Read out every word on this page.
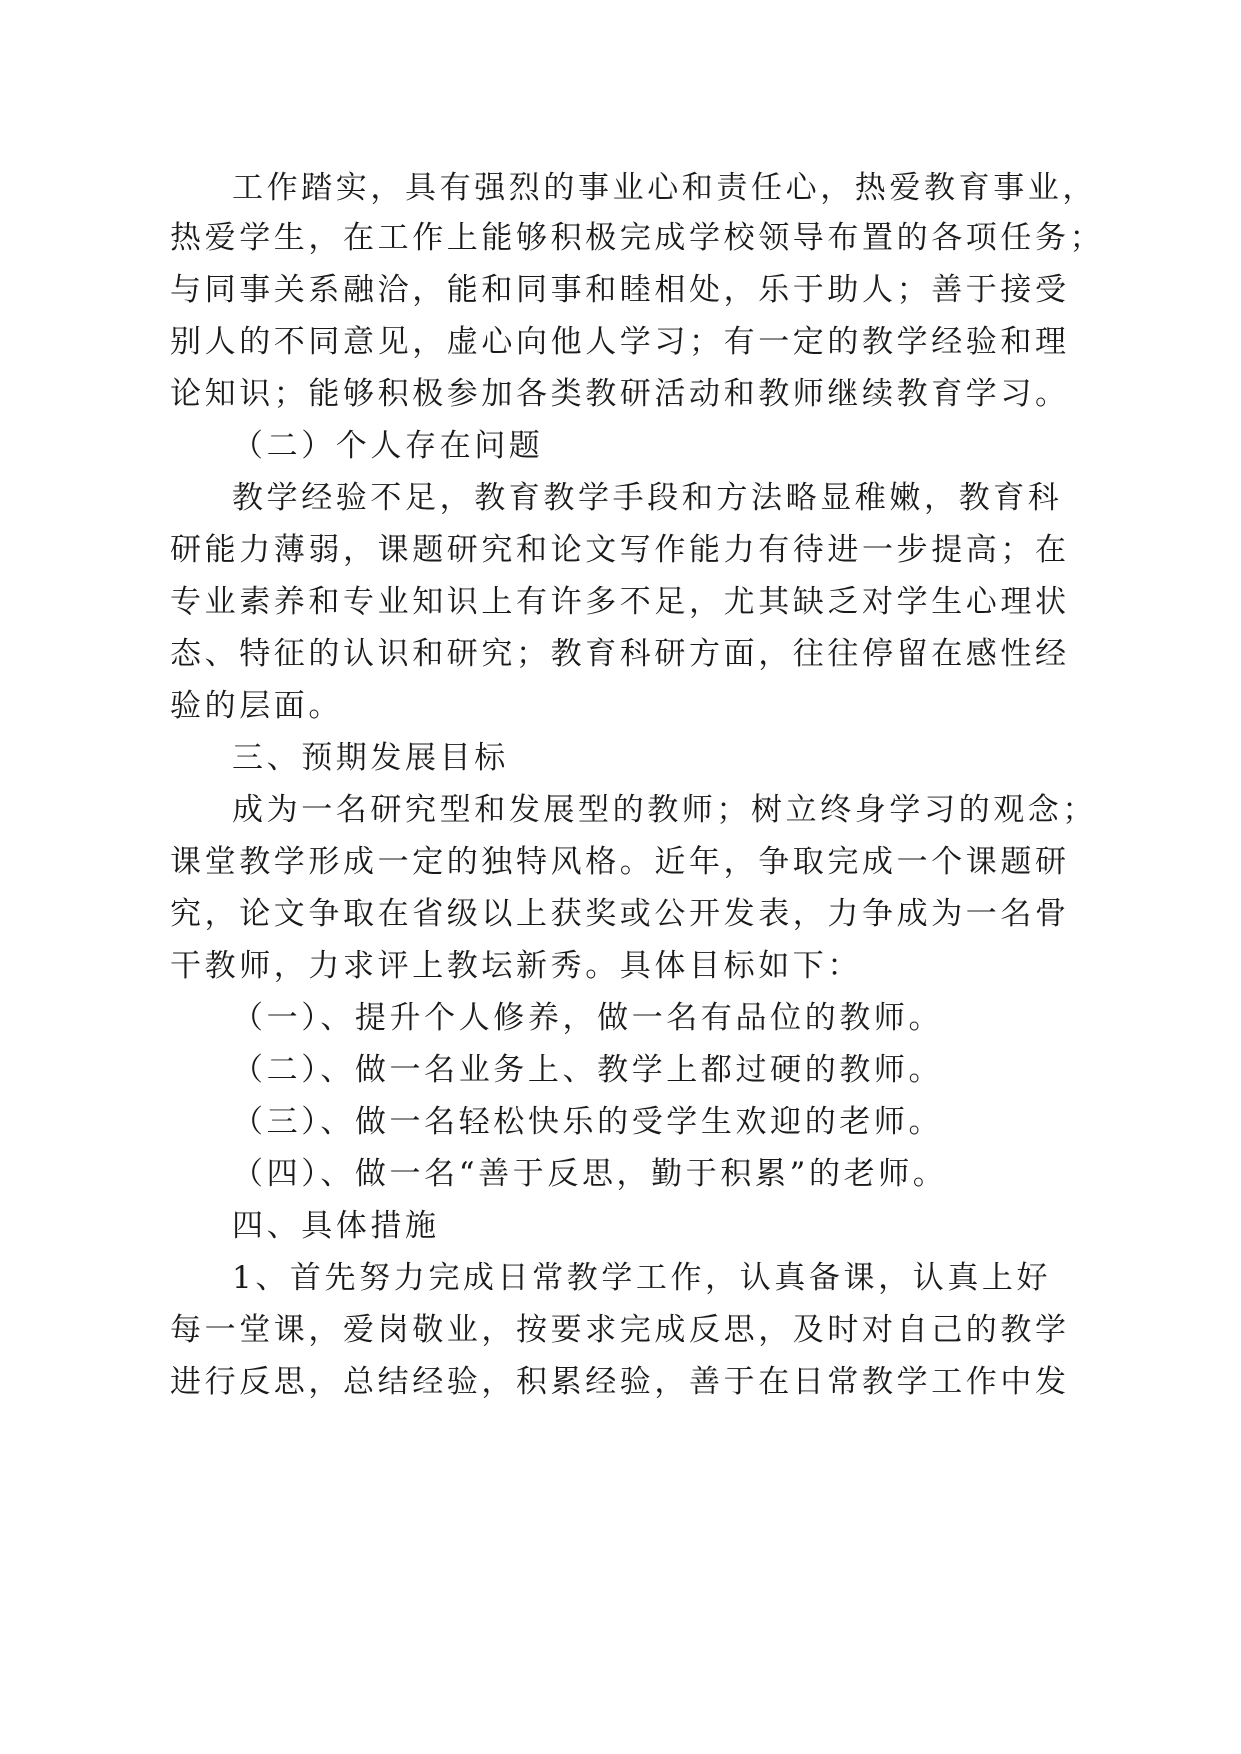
工作踏实，具有强烈的事业心和责任心，热爱教育事业，
热爱学生，在工作上能够积极完成学校领导布置的各项任务；
与同事关系融洽，能和同事和睦相处，乐于助人；善于接受
别人的不同意见，虚心向他人学习；有一定的教学经验和理
论知识；能够积极参加各类教研活动和教师继续教育学习。
（二）个人存在问题
教学经验不足，教育教学手段和方法略显稚嫩，教育科
研能力薄弱，课题研究和论文写作能力有待进一步提高；在
专业素养和专业知识上有许多不足，尤其缺乏对学生心理状
态、特征的认识和研究；教育科研方面，往往停留在感性经
验的层面。
三、预期发展目标
成为一名研究型和发展型的教师；树立终身学习的观念；
课堂教学形成一定的独特风格。近年，争取完成一个课题研
究，论文争取在省级以上获奖或公开发表，力争成为一名骨
干教师，力求评上教坛新秀。具体目标如下：
（一）、提升个人修养，做一名有品位的教师。
（二）、做一名业务上、教学上都过硬的教师。
（三）、做一名轻松快乐的受学生欢迎的老师。
（四）、做一名“善于反思，勤于积累”的老师。
四、具体措施
1、首先努力完成日常教学工作，认真备课，认真上好
每一堂课，爱岗敬业，按要求完成反思，及时对自己的教学
进行反思，总结经验，积累经验，善于在日常教学工作中发
